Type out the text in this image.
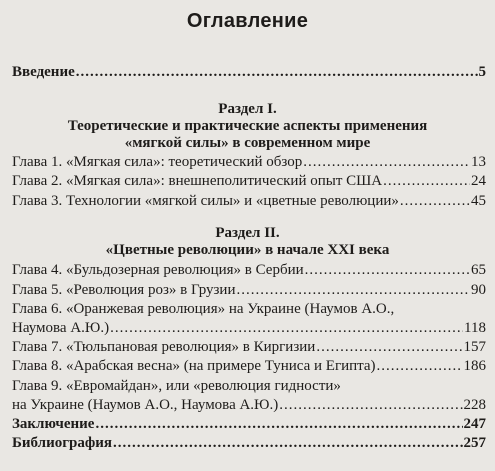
Оглавление
Введение .....	5
Раздел I.
Теоретические и практические аспекты применения
«мягкой силы» в современном мире
Глава 1. «Мягкая сила»: теоретический обзор .....	13
Глава 2. «Мягкая сила»: внешнеполитический опыт США .....	24
Глава 3. Технологии «мягкой силы» и «цветные революции» .....	45
Раздел II.
«Цветные революции» в начале XXI века
Глава 4. «Бульдозерная революция» в Сербии .....	65
Глава 5. «Революция роз» в Грузии .....	90
Глава 6. «Оранжевая революция» на Украине (Наумов А.О.,
Наумова А.Ю.) .....	118
Глава 7. «Тюльпановая революция» в Киргизии .....	157
Глава 8. «Арабская весна» (на примере Туниса и Египта) .....	186
Глава 9. «Евромайдан», или «революция гидности»
на Украине (Наумов А.О., Наумова А.Ю.) .....	228
Заключение .....	247
Библиография .....	257
